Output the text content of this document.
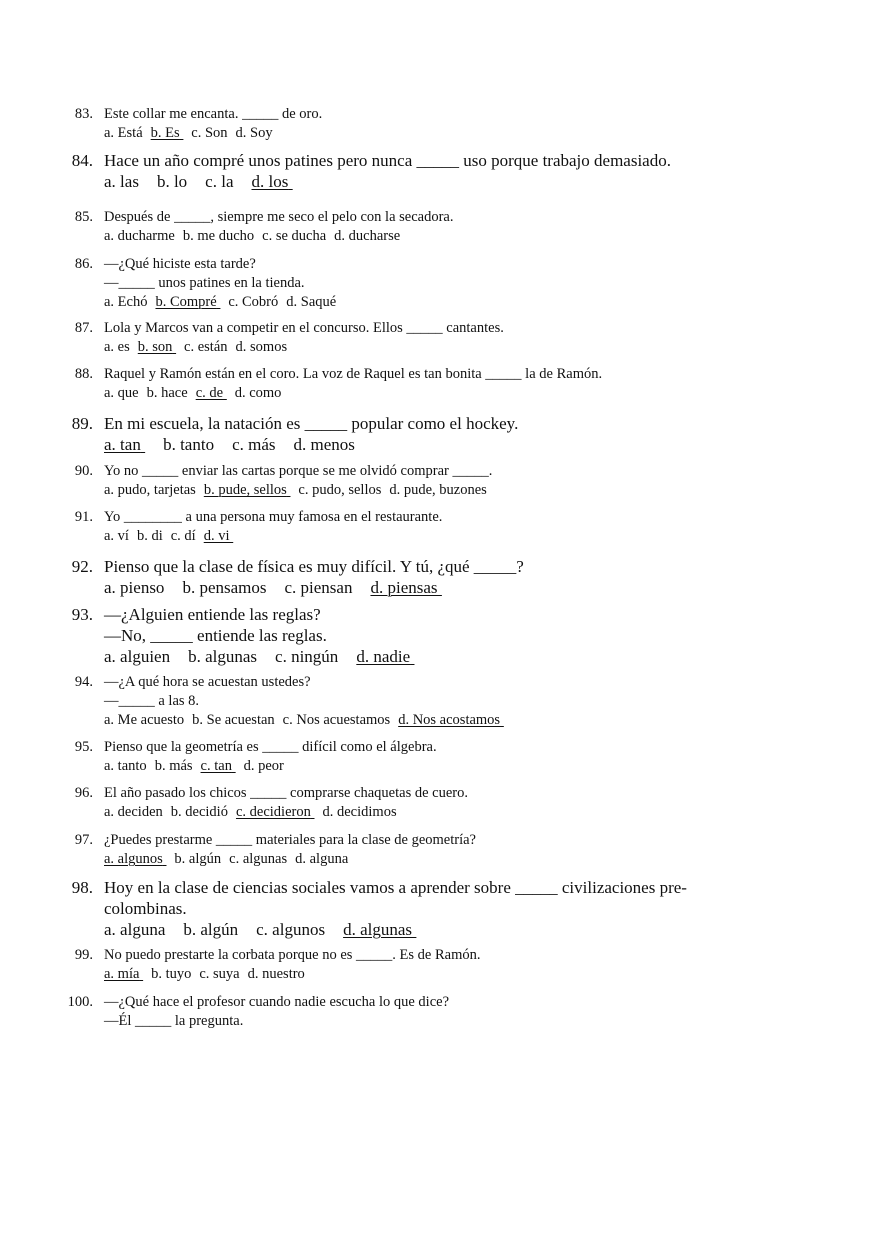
83. Este collar me encanta. _____ de oro.
a. Está b. Es c. Son d. Soy
84. Hace un año compré unos patines pero nunca _____ uso porque trabajo demasiado.
a. las b. lo c. la d. los
85. Después de _____, siempre me seco el pelo con la secadora.
a. ducharme b. me ducho c. se ducha d. ducharse
86. —¿Qué hiciste esta tarde?
—_____ unos patines en la tienda.
a. Echó b. Compré c. Cobró d. Saqué
87. Lola y Marcos van a competir en el concurso. Ellos _____ cantantes.
a. es b. son c. están d. somos
88. Raquel y Ramón están en el coro. La voz de Raquel es tan bonita _____ la de Ramón.
a. que b. hace c. de d. como
89. En mi escuela, la natación es _____ popular como el hockey.
a. tan b. tanto c. más d. menos
90. Yo no _____ enviar las cartas porque se me olvidó comprar _____.
a. pudo, tarjetas b. pude, sellos c. pudo, sellos d. pude, buzones
91. Yo ________ a una persona muy famosa en el restaurante.
a. ví b. di c. dí d. vi
92. Pienso que la clase de física es muy difícil. Y tú, ¿qué _____?
a. pienso b. pensamos c. piensan d. piensas
93. —¿Alguien entiende las reglas?
—No, _____ entiende las reglas.
a. alguien b. algunas c. ningún d. nadie
94. —¿A qué hora se acuestan ustedes?
—_____ a las 8.
a. Me acuesto b. Se acuestan c. Nos acuestamos d. Nos acostamos
95. Pienso que la geometría es _____ difícil como el álgebra.
a. tanto b. más c. tan d. peor
96. El año pasado los chicos _____ comprarse chaquetas de cuero.
a. deciden b. decidió c. decidieron d. decidimos
97. ¿Puedes prestarme _____ materiales para la clase de geometría?
a. algunos b. algún c. algunas d. alguna
98. Hoy en la clase de ciencias sociales vamos a aprender sobre _____ civilizaciones pre-
colombinas.
a. alguna b. algún c. algunos d. algunas
99. No puedo prestarte la corbata porque no es _____. Es de Ramón.
a. mía b. tuyo c. suya d. nuestro
100. —¿Qué hace el profesor cuando nadie escucha lo que dice?
—Él _____ la pregunta.
